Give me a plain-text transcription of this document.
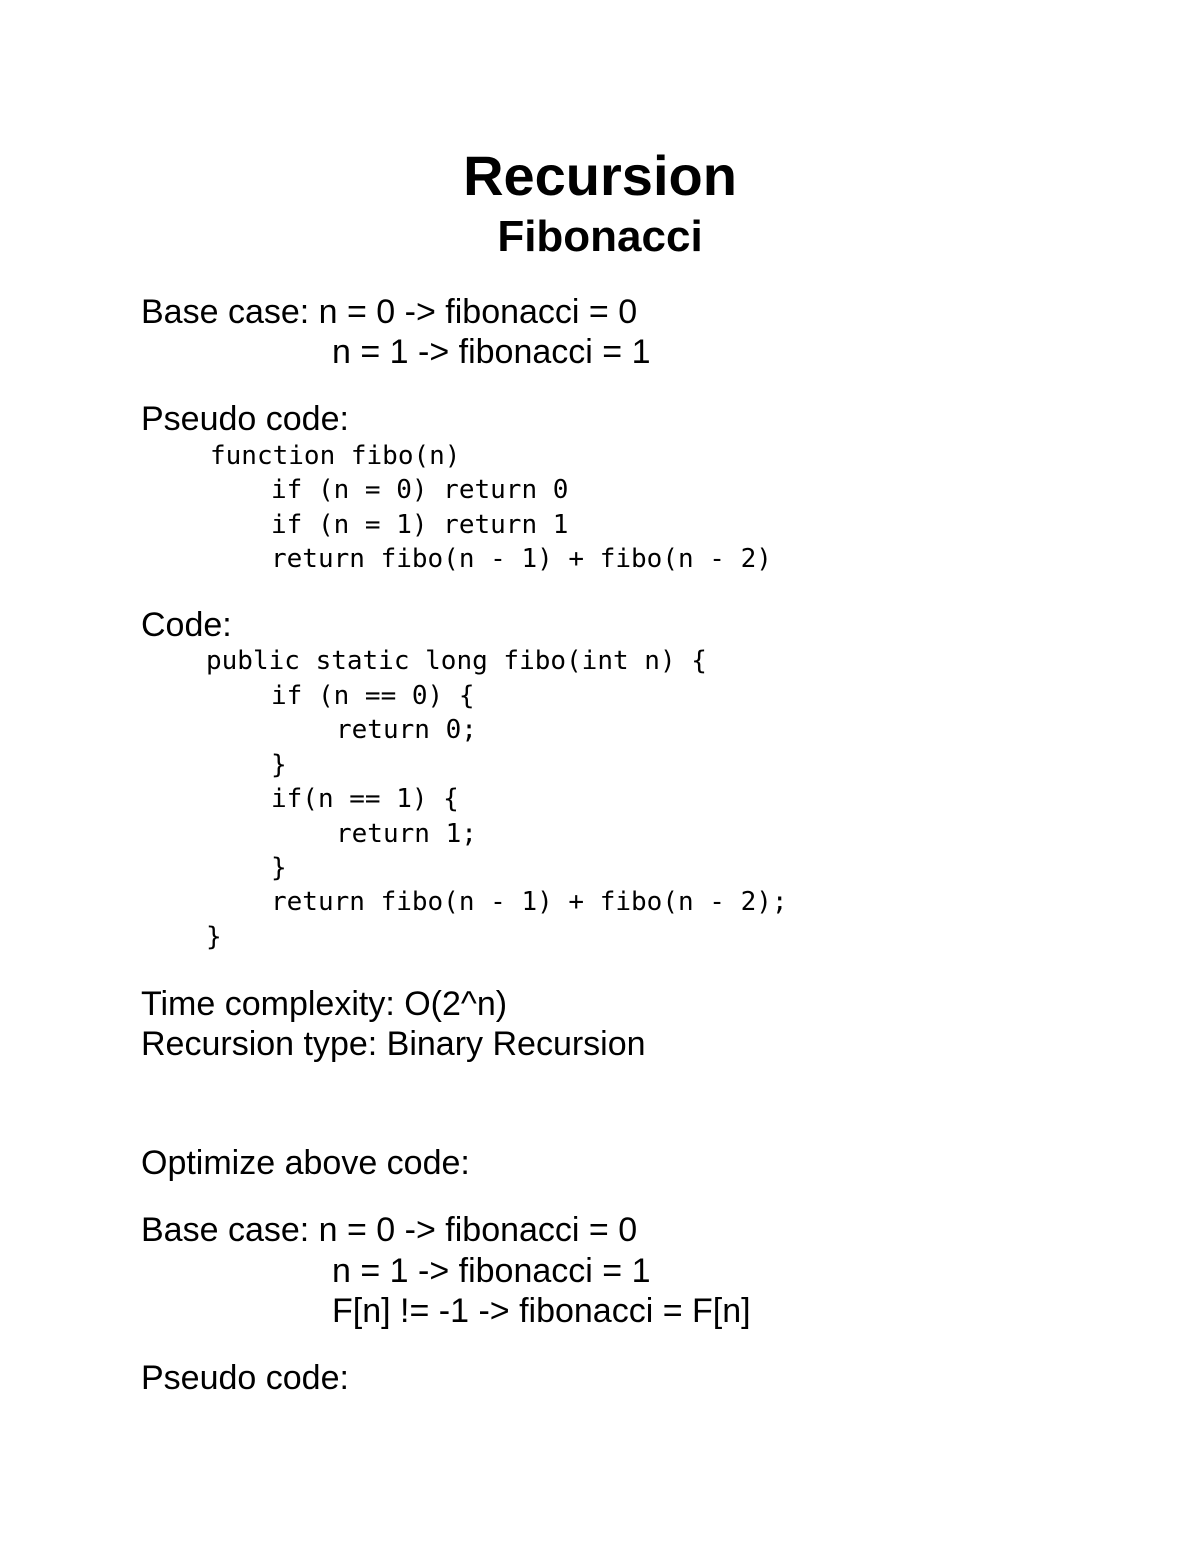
Recursion
Fibonacci

Base case: n = 0 -> fibonacci = 0

n = 1 -> fibonacci = 1

Pseudo code:

function fibo(n)

if (n = 0) return 0

if (n = 1) return 1

return fibo(n - 1) + fibo(n - 2)

Code:

public static long fibo(int n) {

if (n == 0) {

return 0;

}

if(n == 1) {

return 1;

}

return fibo(n - 1) + fibo(n - 2);

}

Time complexity: O(2^n)

Recursion type: Binary Recursion

Optimize above code:

Base case: n = 0 -> fibonacci = 0

n = 1 -> fibonacci = 1

F[n] != -1 -> fibonacci = F[n]

Pseudo code:
